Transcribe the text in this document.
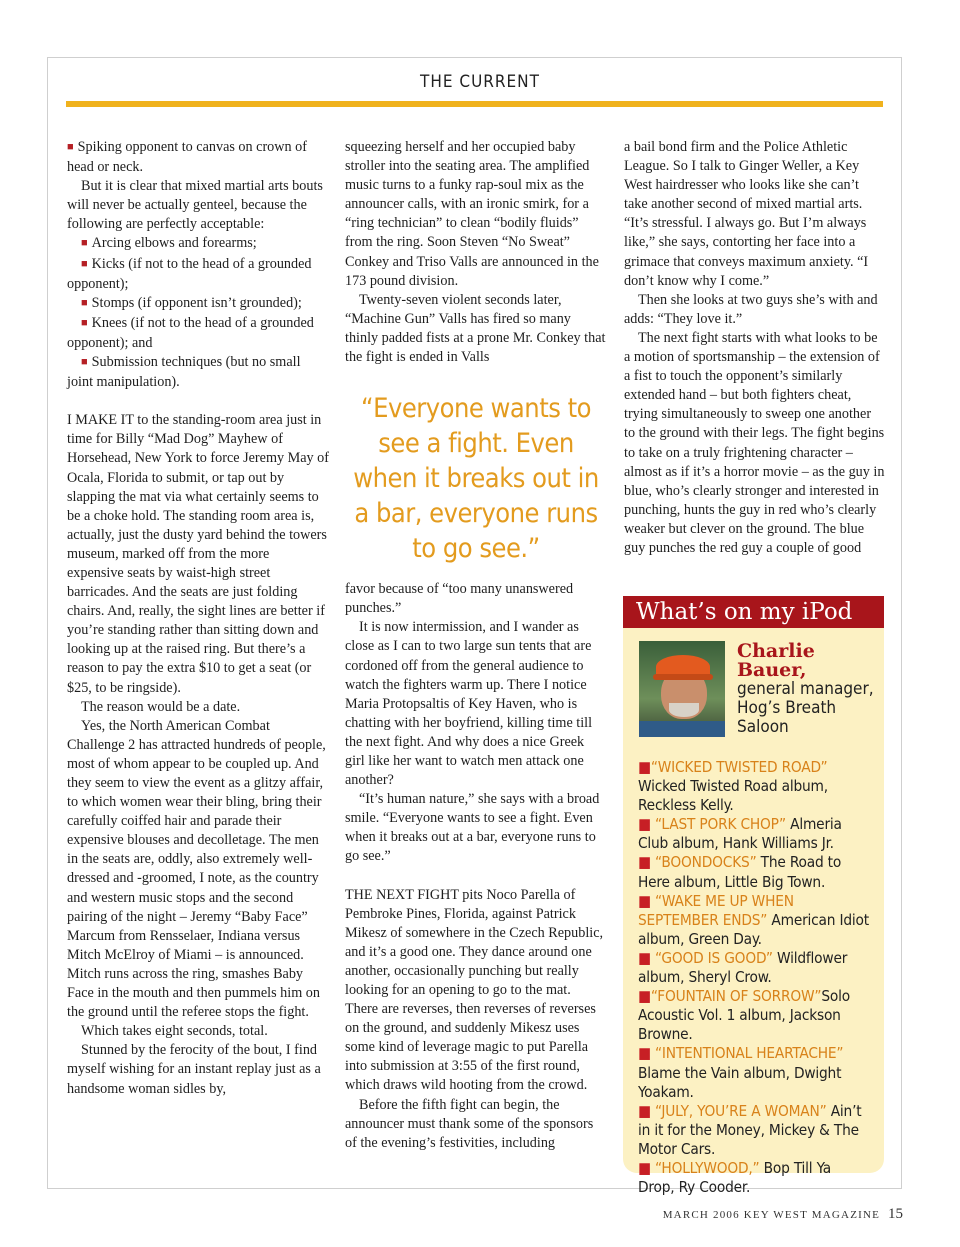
THE CURRENT

■ Spiking opponent to canvas on crown of head or neck.

But it is clear that mixed martial arts bouts will never be actually genteel, because the following are perfectly acceptable:

■ Arcing elbows and forearms;

■ Kicks (if not to the head of a grounded opponent);

■ Stomps (if opponent isn’t grounded);

■ Knees (if not to the head of a grounded opponent); and

■ Submission techniques (but no small joint manipulation).

I MAKE IT to the standing-room area just in time for Billy “Mad Dog” Mayhew of Horsehead, New York to force Jeremy May of Ocala, Florida to submit, or tap out by slapping the mat via what certainly seems to be a choke hold. The standing room area is, actually, just the dusty yard behind the towers museum, marked off from the more expensive seats by waist-high street barricades. And the seats are just folding chairs. And, really, the sight lines are better if you’re standing rather than sitting down and looking up at the raised ring. But there’s a reason to pay the extra $10 to get a seat (or $25, to be ringside).

The reason would be a date.

Yes, the North American Combat Challenge 2 has attracted hundreds of people, most of whom appear to be coupled up. And they seem to view the event as a glitzy affair, to which women wear their bling, bring their carefully coiffed hair and parade their expensive blouses and decolletage. The men in the seats are, oddly, also extremely well-dressed and -groomed, I note, as the country and western music stops and the second pairing of the night – Jeremy “Baby Face” Marcum from Rensselaer, Indiana versus Mitch McElroy of Miami – is announced. Mitch runs across the ring, smashes Baby Face in the mouth and then pummels him on the ground until the referee stops the fight.

Which takes eight seconds, total.

Stunned by the ferocity of the bout, I find myself wishing for an instant replay just as a handsome woman sidles by,

squeezing herself and her occupied baby stroller into the seating area. The amplified music turns to a funky rap-soul mix as the announcer calls, with an ironic smirk, for a “ring technician” to clean “bodily fluids” from the ring. Soon Steven “No Sweat” Conkey and Triso Valls are announced in the 173 pound division.

Twenty-seven violent seconds later, “Machine Gun” Valls has fired so many thinly padded fists at a prone Mr. Conkey that the fight is ended in Valls

“Everyone wants to see a fight. Even when it breaks out in a bar, everyone runs to go see.”

favor because of “too many unanswered punches.”

It is now intermission, and I wander as close as I can to two large sun tents that are cordoned off from the general audience to watch the fighters warm up. There I notice Maria Protopsaltis of Key Haven, who is chatting with her boyfriend, killing time till the next fight. And why does a nice Greek girl like her want to watch men attack one another?

“It’s human nature,” she says with a broad smile. “Everyone wants to see a fight. Even when it breaks out at a bar, everyone runs to go see.”

THE NEXT FIGHT pits Noco Parella of Pembroke Pines, Florida, against Patrick Mikesz of somewhere in the Czech Republic, and it’s a good one. They dance around one another, occasionally punching but really looking for an opening to go to the mat. There are reverses, then reverses of reverses on the ground, and suddenly Mikesz uses some kind of leverage magic to put Parella into submission at 3:55 of the first round, which draws wild hooting from the crowd.

Before the fifth fight can begin, the announcer must thank some of the sponsors of the evening’s festivities, including

a bail bond firm and the Police Athletic League. So I talk to Ginger Weller, a Key West hairdresser who looks like she can’t take another second of mixed martial arts. “It’s stressful. I always go. But I’m always like,” she says, contorting her face into a grimace that conveys maximum anxiety. “I don’t know why I come.”

Then she looks at two guys she’s with and adds: “They love it.”

The next fight starts with what looks to be a motion of sportsmanship – the extension of a fist to touch the opponent’s similarly extended hand – but both fighters cheat, trying simultaneously to sweep one another to the ground with their legs. The fight begins to take on a truly frightening character – almost as if it’s a horror movie – as the guy in blue, who’s clearly stronger and interested in punching, hunts the guy in red who’s clearly weaker but clever on the ground. The blue guy punches the red guy a couple of good

What’s on my iPod
Charlie Bauer,
general manager,
Hog’s Breath Saloon

■“WICKED TWISTED ROAD” Wicked Twisted Road album, Reckless Kelly.

■ “LAST PORK CHOP” Almeria Club album, Hank Williams Jr.

■ “BOONDOCKS” The Road to Here album, Little Big Town.

■ “WAKE ME UP WHEN SEPTEMBER ENDS” American Idiot album, Green Day.

■ “GOOD IS GOOD” Wildflower album, Sheryl Crow.

■“FOUNTAIN OF SORROW”Solo Acoustic Vol. 1 album, Jackson Browne.

■ “INTENTIONAL HEARTACHE” Blame the Vain album, Dwight Yoakam.

■ “JULY, YOU’RE A WOMAN” Ain’t in it for the Money, Mickey & The Motor Cars.

■ “HOLLYWOOD,” Bop Till Ya Drop, Ry Cooder.

MARCH 2006 KEY WEST MAGAZINE 15
